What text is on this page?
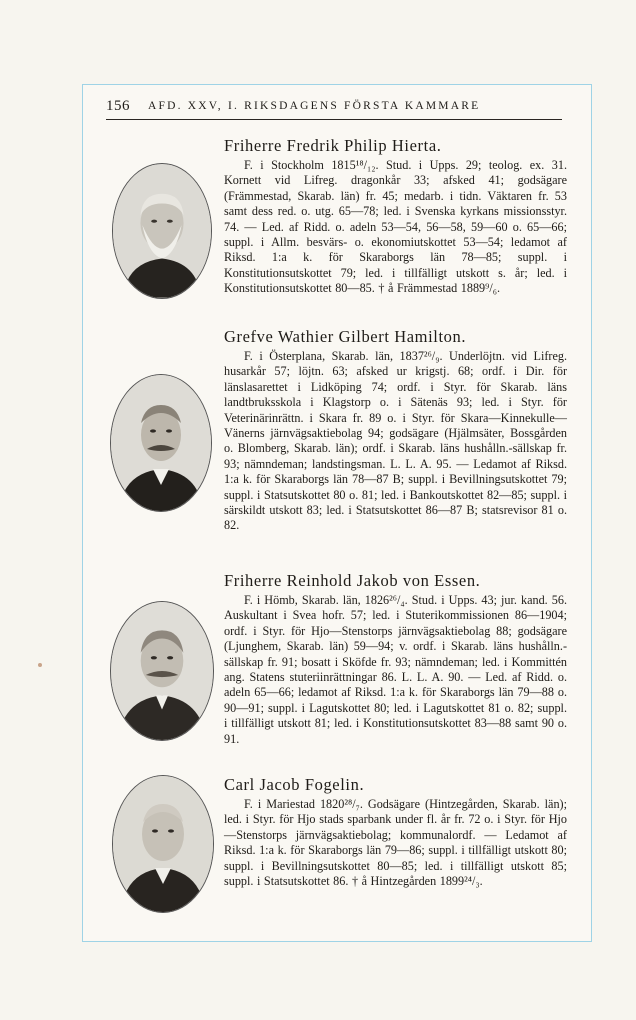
156 AFD. XXV, I. RIKSDAGENS FÖRSTA KAMMARE
Friherre Fredrik Philip Hierta.

F. i Stockholm 1815¹⁸/₁₂. Stud. i Upps. 29; teolog. ex. 31. Kornett vid Lifreg. dragonkår 33; afsked 41; godsägare (Främmestad, Skarab. län) fr. 45; medarb. i tidn. Väktaren fr. 53 samt dess red. o. utg. 65—78; led. i Svenska kyrkans missionsstyr. 74. — Led. af Ridd. o. adeln 53—54, 56—58, 59—60 o. 65—66; suppl. i Allm. besvärs- o. ekonomiutskottet 53—54; ledamot af Riksd. 1:a k. för Skaraborgs län 78—85; suppl. i Konstitutionsutskottet 79; led. i tillfälligt utskott s. år; led. i Konstitutionsutskottet 80—85. † å Främmestad 1889⁹/₆.

Grefve Wathier Gilbert Hamilton.

F. i Österplana, Skarab. län, 1837²⁶/₉. Underlöjtn. vid Lifreg. husarkår 57; löjtn. 63; afsked ur krigstj. 68; ordf. i Dir. för länslasarettet i Lidköping 74; ordf. i Styr. för Skarab. läns landtbruksskola i Klagstorp o. i Sätenäs 93; led. i Styr. för Veterinärinrättn. i Skara fr. 89 o. i Styr. för Skara—Kinnekulle—Vänerns järnvägsaktiebolag 94; godsägare (Hjälmsäter, Bossgården o. Blomberg, Skarab. län); ordf. i Skarab. läns hushålln.-sällskap fr. 93; nämndeman; landstingsman. L. L. A. 95. — Ledamot af Riksd. 1:a k. för Skaraborgs län 78—87 B; suppl. i Bevillningsutskottet 79; suppl. i Statsutskottet 80 o. 81; led. i Bankoutskottet 82—85; suppl. i särskildt utskott 83; led. i Statsutskottet 86—87 B; statsrevisor 81 o. 82.

Friherre Reinhold Jakob von Essen.

F. i Hömb, Skarab. län, 1826²⁶/₄. Stud. i Upps. 43; jur. kand. 56. Auskultant i Svea hofr. 57; led. i Stuterikommissionen 86—1904; ordf. i Styr. för Hjo—Stenstorps järnvägsaktiebolag 88; godsägare (Ljunghem, Skarab. län) 59—94; v. ordf. i Skarab. läns hushålln.-sällskap fr. 91; bosatt i Sköfde fr. 93; nämndeman; led. i Kommittén ang. Statens stuteriinrättningar 86. L. L. A. 90. — Led. af Ridd. o. adeln 65—66; ledamot af Riksd. 1:a k. för Skaraborgs län 79—88 o. 90—91; suppl. i Lagutskottet 80; led. i Lagutskottet 81 o. 82; suppl. i tillfälligt utskott 81; led. i Konstitutionsutskottet 83—88 samt 90 o. 91.

Carl Jacob Fogelin.

F. i Mariestad 1820²⁸/₇. Godsägare (Hintzegården, Skarab. län); led. i Styr. för Hjo stads sparbank under fl. år fr. 72 o. i Styr. för Hjo—Stenstorps järnvägsaktiebolag; kommunalordf. — Ledamot af Riksd. 1:a k. för Skaraborgs län 79—86; suppl. i tillfälligt utskott 80; suppl. i Bevillningsutskottet 80—85; led. i tillfälligt utskott 85; suppl. i Statsutskottet 86. † å Hintzegården 1899²⁴/₃.
